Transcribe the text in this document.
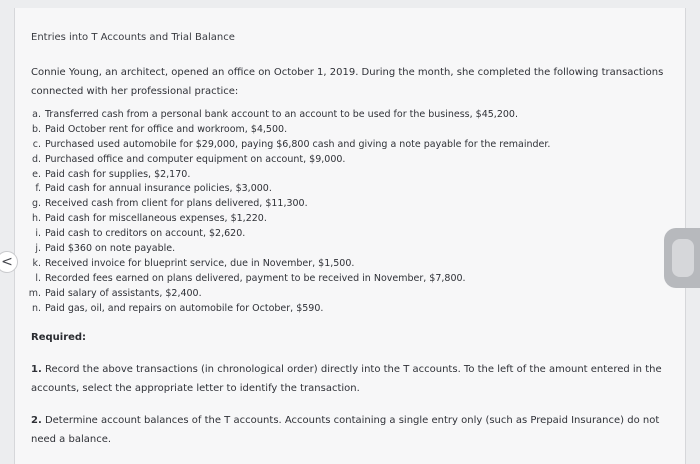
Entries into T Accounts and Trial Balance
Connie Young, an architect, opened an office on October 1, 2019. During the month, she completed the following transactions connected with her professional practice:
a. Transferred cash from a personal bank account to an account to be used for the business, $45,200.
b. Paid October rent for office and workroom, $4,500.
c. Purchased used automobile for $29,000, paying $6,800 cash and giving a note payable for the remainder.
d. Purchased office and computer equipment on account, $9,000.
e. Paid cash for supplies, $2,170.
f. Paid cash for annual insurance policies, $3,000.
g. Received cash from client for plans delivered, $11,300.
h. Paid cash for miscellaneous expenses, $1,220.
i. Paid cash to creditors on account, $2,620.
j. Paid $360 on note payable.
k. Received invoice for blueprint service, due in November, $1,500.
l. Recorded fees earned on plans delivered, payment to be received in November, $7,800.
m. Paid salary of assistants, $2,400.
n. Paid gas, oil, and repairs on automobile for October, $590.
Required:
1. Record the above transactions (in chronological order) directly into the T accounts. To the left of the amount entered in the accounts, select the appropriate letter to identify the transaction.
2. Determine account balances of the T accounts. Accounts containing a single entry only (such as Prepaid Insurance) do not need a balance.
<
